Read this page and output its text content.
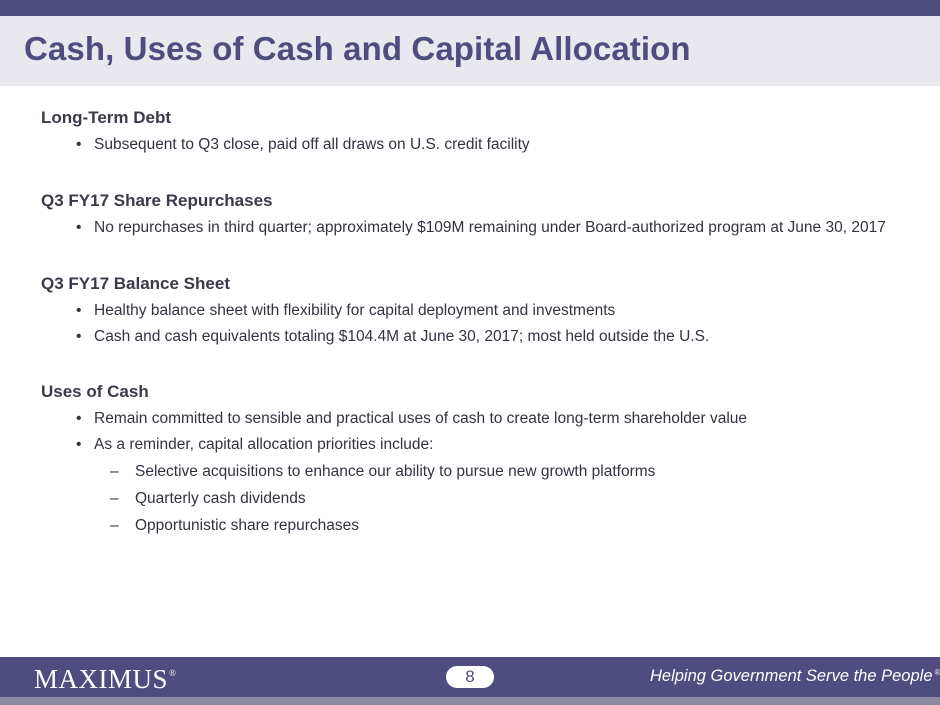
Cash, Uses of Cash and Capital Allocation
Long-Term Debt
• Subsequent to Q3 close, paid off all draws on U.S. credit facility
Q3 FY17 Share Repurchases
• No repurchases in third quarter; approximately $109M remaining under Board-authorized program at June 30, 2017
Q3 FY17 Balance Sheet
• Healthy balance sheet with flexibility for capital deployment and investments
• Cash and cash equivalents totaling $104.4M at June 30, 2017; most held outside the U.S.
Uses of Cash
• Remain committed to sensible and practical uses of cash to create long-term shareholder value
• As a reminder, capital allocation priorities include:
– Selective acquisitions to enhance our ability to pursue new growth platforms
– Quarterly cash dividends
– Opportunistic share repurchases
MAXIMUS®	8	Helping Government Serve the People ®
